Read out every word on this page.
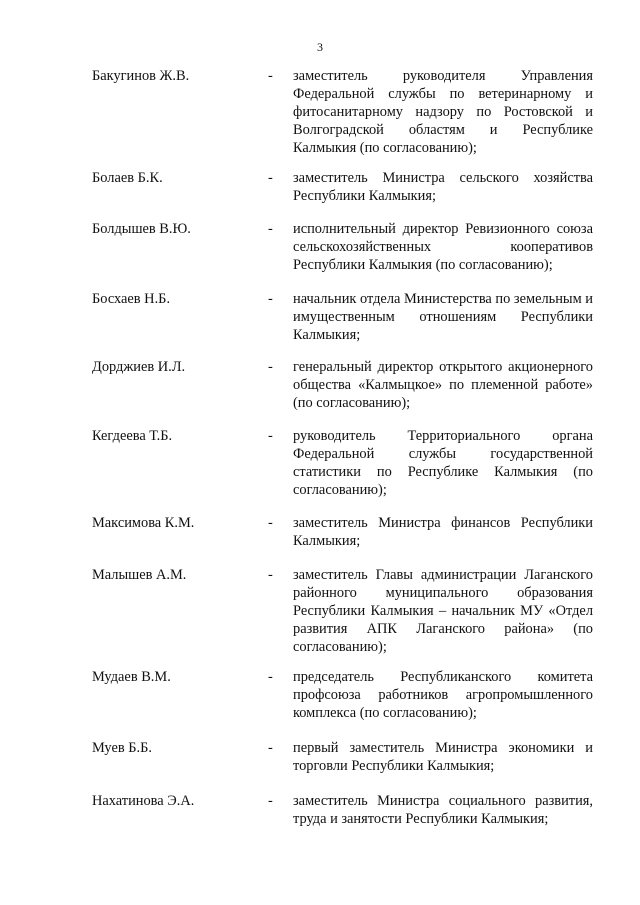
3
Бакугинов Ж.В.	- заместитель руководителя Управления Федеральной службы по ветеринарному и фитосанитарному надзору по Ростовской и Волгоградской областям и Республике Калмыкия (по согласованию);
Болаев Б.К.	- заместитель Министра сельского хозяйства Республики Калмыкия;
Болдышев В.Ю.	- исполнительный директор Ревизионного союза сельскохозяйственных кооперативов Республики Калмыкия (по согласованию);
Босхаев Н.Б.	- начальник отдела Министерства по земельным и имущественным отношениям Республики Калмыкия;
Дорджиев И.Л.	- генеральный директор открытого акционерного общества «Калмыцкое» по племенной работе» (по согласованию);
Кегдеева Т.Б.	- руководитель Территориального органа Федеральной службы государственной статистики по Республике Калмыкия (по согласованию);
Максимова К.М.	- заместитель Министра финансов Республики Калмыкия;
Малышев А.М.	- заместитель Главы администрации Лаганского районного муниципального образования Республики Калмыкия – начальник МУ «Отдел развития АПК Лаганского района» (по согласованию);
Мудаев В.М.	- председатель Республиканского комитета профсоюза работников агропромышленного комплекса (по согласованию);
Муев Б.Б.	- первый заместитель Министра экономики и торговли Республики Калмыкия;
Нахатинова Э.А.	- заместитель Министра социального развития, труда и занятости Республики Калмыкия;
